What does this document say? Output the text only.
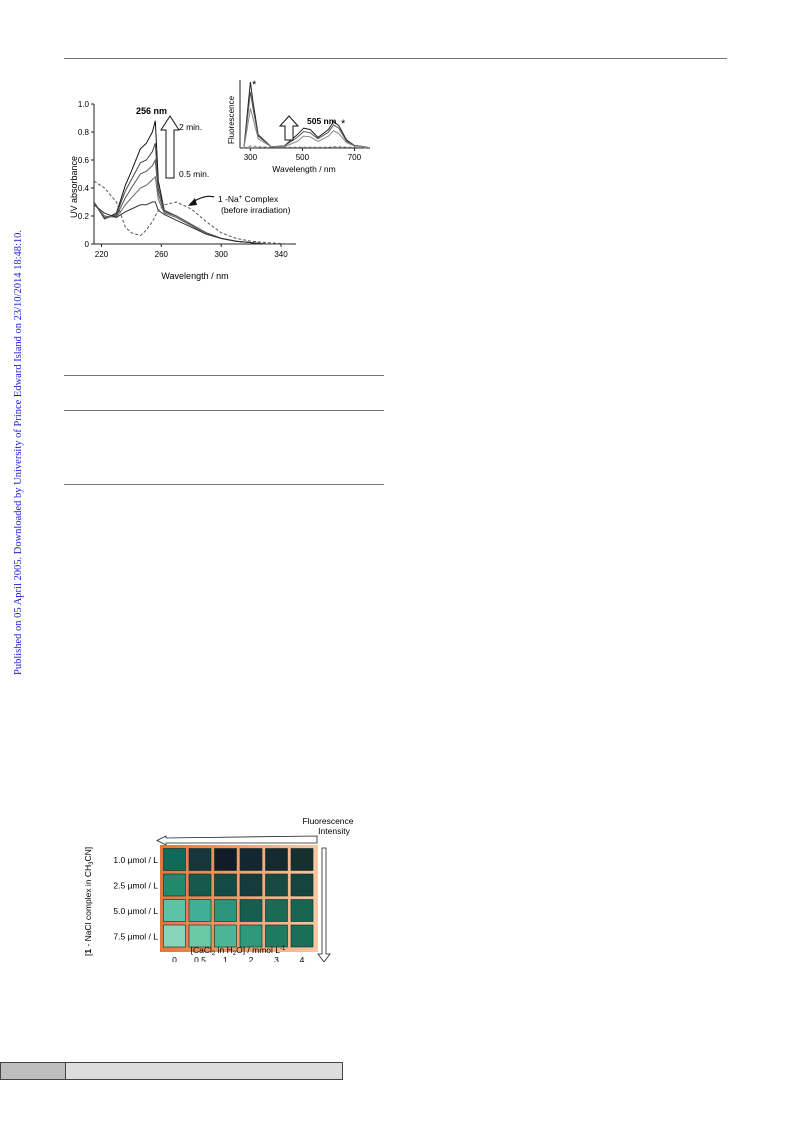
Published on 05 April 2005. Downloaded by University of Prince Edward Island on 23/10/2014 18:48:10.	0
0.2
0.4
0.6
0.8
1.0
220	260	300	340
UV absorbance
Wavelength / nm
256 nm
2 min.
0.5 min.
1 -Na+ Complex
(before irradiation)
300	500	700
Fluorescence
Wavelength / nm
*
*
505 nm
Fluorescence
Intensity
1.0 µmol / L
2.5 µmol / L
5.0 µmol / L
7.5 µmol / L
0 0.5 1 2 3 4
[1 - NaCl complex in $CH_3CN$]
[CaCl$_2$ in $H_2O$] / mmol $L^{-1}$
